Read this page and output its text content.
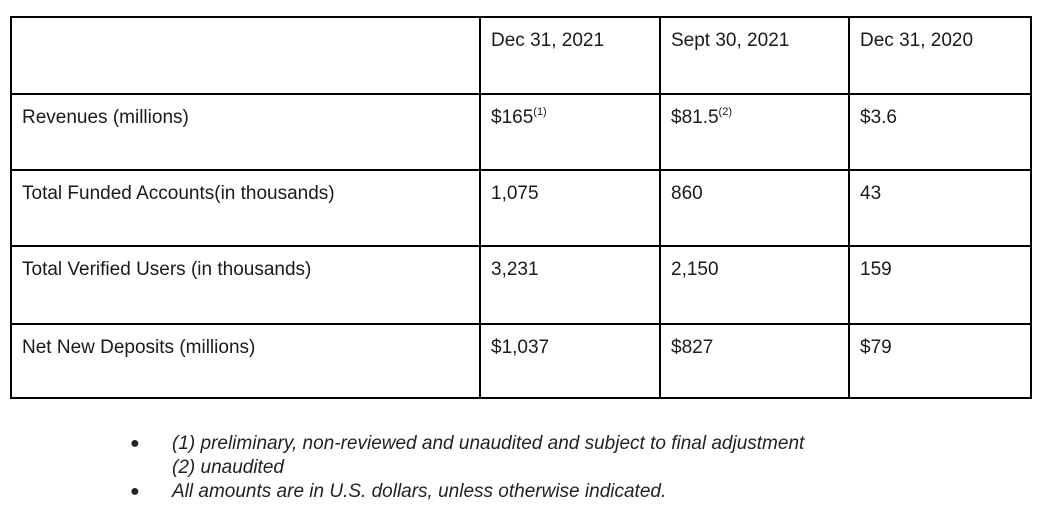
	Dec 31, 2021	Sept 30, 2021	Dec 31, 2020
Revenues (millions)	$165$^{(1)}$	$81.5$^{(2)}$	$3.6
Total Funded Accounts(in thousands)	1,075	860	43
Total Verified Users (in thousands)	3,231	2,150	159
Net New Deposits (millions)	$1,037	$827	$79
● (1) preliminary, non-reviewed and unaudited and subject to final adjustment
(2) unaudited
● All amounts are in U.S. dollars, unless otherwise indicated.
